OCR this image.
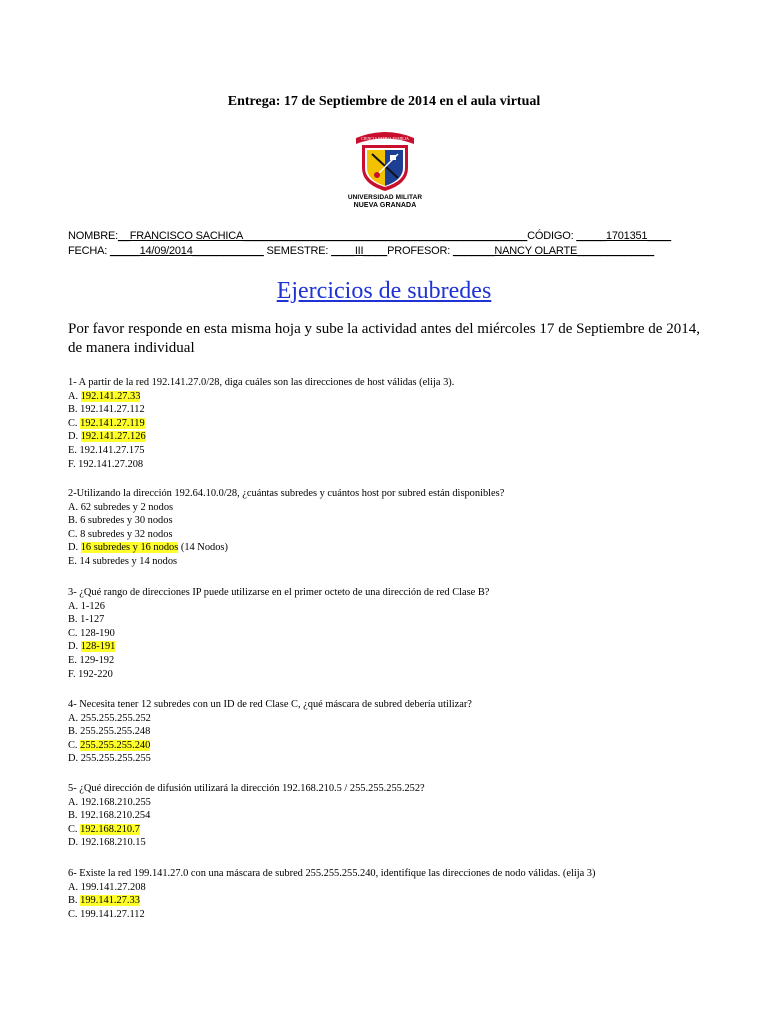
Entrega: 17 de Septiembre de 2014 en el aula virtual
CIENCIA PATRIA FAMILIA
UNIVERSIDAD MILITAR
NUEVA GRANADA
NOMBRE:__FRANCISCO SACHICA________________________________________________CÓDIGO: _____1701351____
FECHA: _____14/09/2014____________ SEMESTRE: ____III____PROFESOR: _______NANCY OLARTE_____________
Ejercicios de subredes
Por favor responde en esta misma hoja y sube la actividad antes del miércoles 17 de Septiembre de 2014, de manera individual

1- A partir de la red 192.141.27.0/28, diga cuáles son las direcciones de host válidas (elija 3).

A. 192.141.27.33

B. 192.141.27.112

C. 192.141.27.119

D. 192.141.27.126

E. 192.141.27.175

F. 192.141.27.208

2-Utilizando la dirección 192.64.10.0/28, ¿cuántas subredes y cuántos host por subred están disponibles?

A. 62 subredes y 2 nodos

B. 6 subredes y 30 nodos

C. 8 subredes y 32 nodos

D. 16 subredes y 16 nodos (14 Nodos)

E. 14 subredes y 14 nodos

3- ¿Qué rango de direcciones IP puede utilizarse en el primer octeto de una dirección de red Clase B?

A. 1-126

B. 1-127

C. 128-190

D. 128-191

E. 129-192

F. 192-220

4- Necesita tener 12 subredes con un ID de red Clase C, ¿qué máscara de subred debería utilizar?

A. 255.255.255.252

B. 255.255.255.248

C. 255.255.255.240

D. 255.255.255.255

5- ¿Qué dirección de difusión utilizará la dirección 192.168.210.5 / 255.255.255.252?

A. 192.168.210.255

B. 192.168.210.254

C. 192.168.210.7

D. 192.168.210.15

6- Existe la red 199.141.27.0 con una máscara de subred 255.255.255.240, identifique las direcciones de nodo válidas. (elija 3)

A. 199.141.27.208

B. 199.141.27.33

C. 199.141.27.112
